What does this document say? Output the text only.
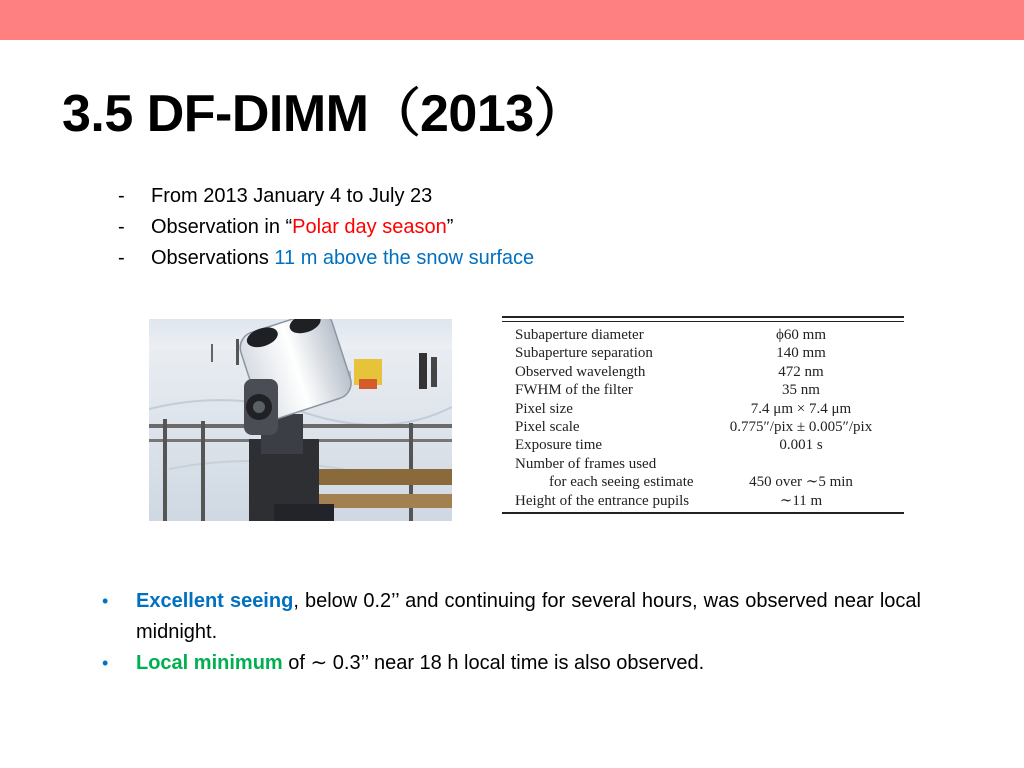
3.5 DF-DIMM（2013）
- From 2013 January 4 to July 23
- Observation in “Polar day season”
- Observations 11 m above the snow surface
Subaperture diameter	ϕ60 mm
Subaperture separation	140 mm
Observed wavelength	472 nm
FWHM of the filter	35 nm
Pixel size	7.4 μm × 7.4 μm
Pixel scale	0.775″/pix ± 0.005″/pix
Exposure time	0.001 s
Number of frames used
for each seeing estimate	450 over ∼5 min
Height of the entrance pupils	∼11 m
• Excellent seeing, below 0.2’’ and continuing for several hours, was observed near local midnight.
• Local minimum of ∼ 0.3’’ near 18 h local time is also observed.
